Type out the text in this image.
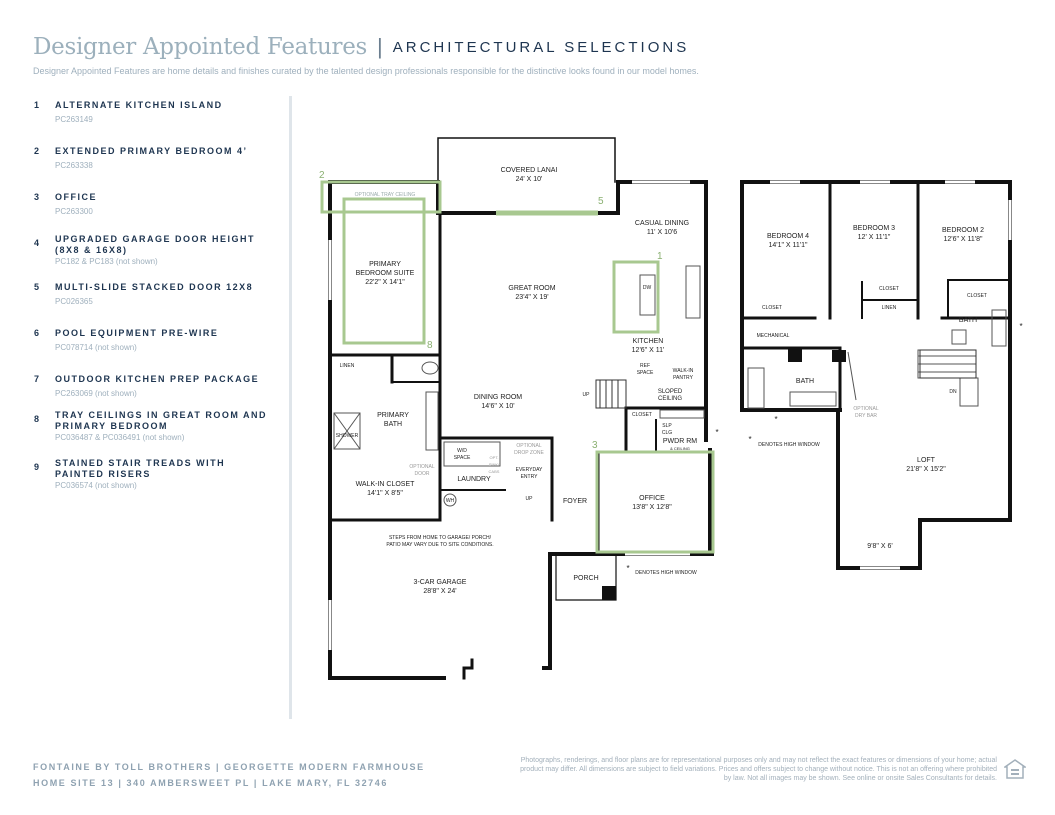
Designer Appointed Features | ARCHITECTURAL SELECTIONS
Designer Appointed Features are home details and finishes curated by the talented design professionals responsible for the distinctive looks found in our model homes.
1 ALTERNATE KITCHEN ISLAND
PC263149
2 EXTENDED PRIMARY BEDROOM 4’
PC263338
3 OFFICE
PC263300
4 UPGRADED GARAGE DOOR HEIGHT (8X8 & 16X8)
PC182 & PC183 (not shown)
5 MULTI-SLIDE STACKED DOOR 12X8
PC026365
6 POOL EQUIPMENT PRE-WIRE
PC078714 (not shown)
7 OUTDOOR KITCHEN PREP PACKAGE
PC263069 (not shown)
8 TRAY CEILINGS IN GREAT ROOM AND PRIMARY BEDROOM
PC036487 & PC036491 (not shown)
9 STAINED STAIR TREADS WITH PAINTED RISERS
PC036574 (not shown)
1
2
3
5
8
COVERED LANAI
24' X 10'
OPTIONAL TRAY CEILING
PRIMARY
BEDROOM SUITE
22'2" X 14'1"
GREAT ROOM
23'4" X 19'
CASUAL DINING
11' X 10'6
DW
KITCHEN
12'6" X 11'
REF
SPACE	WALK-IN
PANTRY
SLOPED
CEILING
LINEN
DINING ROOM
14'6" X 10'
UP
CLOSET
SLP
CLG
PWDR RM
& CEILING
PRIMARY
BATH
SHOWER
W/D
SPACE	OPT.
SINK/
CABS
OPTIONAL
DROP ZONE
LAUNDRY
EVERYDAY
ENTRY
UP
OPTIONAL
DOOR
WALK-IN CLOSET
14'1" X 8'5"
WH	FOYER	OFFICE
13'8" X 12'8"
STEPS FROM HOME TO GARAGE/ PORCH/
PATIO MAY VARY DUE TO SITE CONDITIONS.
3-CAR GARAGE
28'8" X 24'
PORCH
*
* DENOTES HIGH WINDOW
BEDROOM 4
14'1" X 11'1"
BEDROOM 3
12' X 11'1"
BEDROOM 2
12'6" X 11'8"
CLOSET
CLOSET
LINEN
CLOSET
BATH
MECHANICAL
BATH
OPTIONAL
DRY BAR
DN
*
*
*
DENOTES HIGH WINDOW
LOFT
21'8" X 15'2"
9'8" X 6'
FONTAINE BY TOLL BROTHERS | GEORGETTE MODERN FARMHOUSE
HOME SITE 13 | 340 AMBERSWEET PL | LAKE MARY, FL 32746
Photographs, renderings, and floor plans are for representational purposes only and may not reflect the exact features or dimensions of your home; actual product may differ. All dimensions are subject to field variations. Prices and offers subject to change without notice. This is not an offering where prohibited by law. Not all images may be shown. See online or onsite Sales Consultants for details.
